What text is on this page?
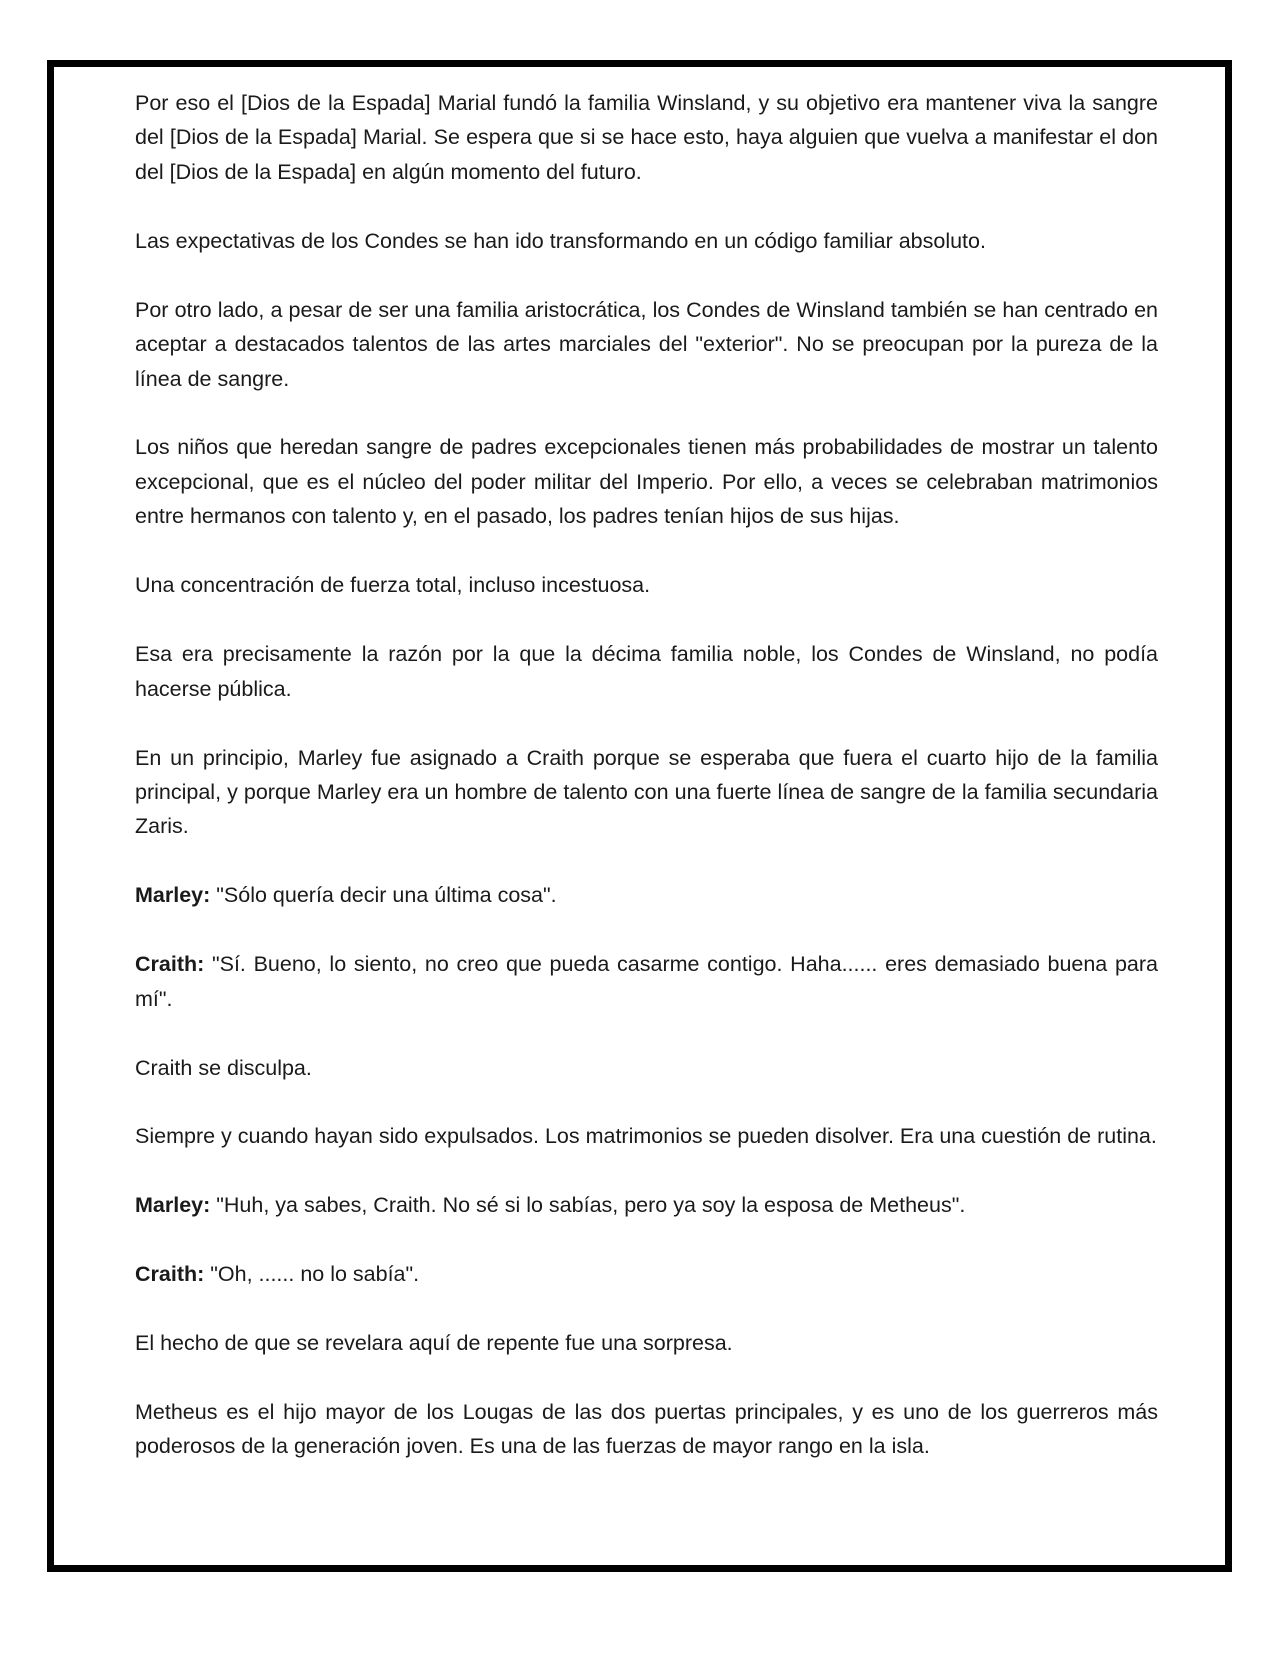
Por eso el [Dios de la Espada] Marial fundó la familia Winsland, y su objetivo era mantener viva la sangre del [Dios de la Espada] Marial. Se espera que si se hace esto, haya alguien que vuelva a manifestar el don del [Dios de la Espada] en algún momento del futuro.

Las expectativas de los Condes se han ido transformando en un código familiar absoluto.

Por otro lado, a pesar de ser una familia aristocrática, los Condes de Winsland también se han centrado en aceptar a destacados talentos de las artes marciales del "exterior". No se preocupan por la pureza de la línea de sangre.

Los niños que heredan sangre de padres excepcionales tienen más probabilidades de mostrar un talento excepcional, que es el núcleo del poder militar del Imperio. Por ello, a veces se celebraban matrimonios entre hermanos con talento y, en el pasado, los padres tenían hijos de sus hijas.

Una concentración de fuerza total, incluso incestuosa.

Esa era precisamente la razón por la que la décima familia noble, los Condes de Winsland, no podía hacerse pública.

En un principio, Marley fue asignado a Craith porque se esperaba que fuera el cuarto hijo de la familia principal, y porque Marley era un hombre de talento con una fuerte línea de sangre de la familia secundaria Zaris.

Marley: "Sólo quería decir una última cosa".

Craith: "Sí. Bueno, lo siento, no creo que pueda casarme contigo. Haha...... eres demasiado buena para mí".

Craith se disculpa.

Siempre y cuando hayan sido expulsados. Los matrimonios se pueden disolver. Era una cuestión de rutina.

Marley: "Huh, ya sabes, Craith. No sé si lo sabías, pero ya soy la esposa de Metheus".

Craith: "Oh, ...... no lo sabía".

El hecho de que se revelara aquí de repente fue una sorpresa.

Metheus es el hijo mayor de los Lougas de las dos puertas principales, y es uno de los guerreros más poderosos de la generación joven. Es una de las fuerzas de mayor rango en la isla.
